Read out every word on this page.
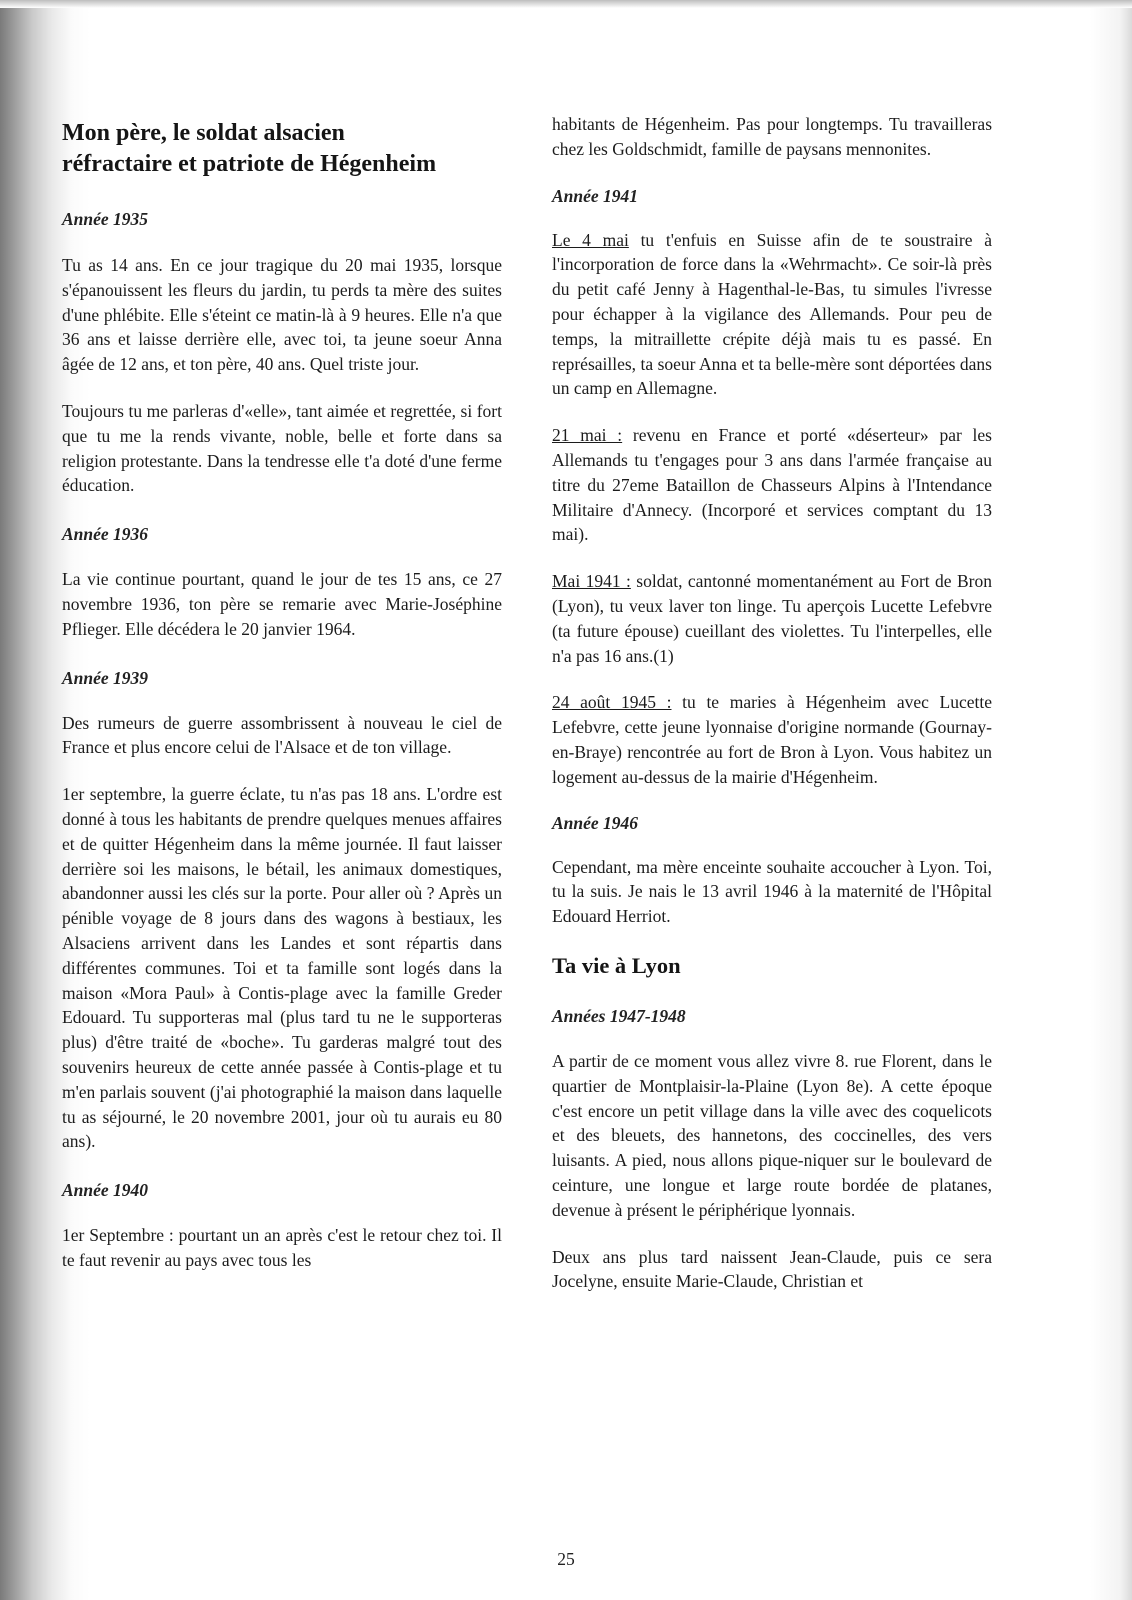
Mon père, le soldat alsacien
réfractaire et patriote de Hégenheim
Année 1935

Tu as 14 ans. En ce jour tragique du 20 mai 1935, lorsque s'épanouissent les fleurs du jardin, tu perds ta mère des suites d'une phlébite. Elle s'éteint ce matin-là à 9 heures. Elle n'a que 36 ans et laisse derrière elle, avec toi, ta jeune soeur Anna âgée de 12 ans, et ton père, 40 ans. Quel triste jour.

Toujours tu me parleras d'«elle», tant aimée et regrettée, si fort que tu me la rends vivante, noble, belle et forte dans sa religion protestante. Dans la tendresse elle t'a doté d'une ferme éducation.

Année 1936

La vie continue pourtant, quand le jour de tes 15 ans, ce 27 novembre 1936, ton père se remarie avec Marie-Joséphine Pflieger. Elle décédera le 20 janvier 1964.

Année 1939

Des rumeurs de guerre assombrissent à nouveau le ciel de France et plus encore celui de l'Alsace et de ton village.

1er septembre, la guerre éclate, tu n'as pas 18 ans. L'ordre est donné à tous les habitants de prendre quelques menues affaires et de quitter Hégenheim dans la même journée. Il faut laisser derrière soi les maisons, le bétail, les animaux domestiques, abandonner aussi les clés sur la porte. Pour aller où ? Après un pénible voyage de 8 jours dans des wagons à bestiaux, les Alsaciens arrivent dans les Landes et sont répartis dans différentes communes. Toi et ta famille sont logés dans la maison «Mora Paul» à Contis-plage avec la famille Greder Edouard. Tu supporteras mal (plus tard tu ne le supporteras plus) d'être traité de «boche». Tu garderas malgré tout des souvenirs heureux de cette année passée à Contis-plage et tu m'en parlais souvent (j'ai photographié la maison dans laquelle tu as séjourné, le 20 novembre 2001, jour où tu aurais eu 80 ans).

Année 1940

1er Septembre : pourtant un an après c'est le retour chez toi. Il te faut revenir au pays avec tous les

habitants de Hégenheim. Pas pour longtemps. Tu travailleras chez les Goldschmidt, famille de paysans mennonites.

Année 1941

Le 4 mai tu t'enfuis en Suisse afin de te soustraire à l'incorporation de force dans la «Wehrmacht». Ce soir-là près du petit café Jenny à Hagenthal-le-Bas, tu simules l'ivresse pour échapper à la vigilance des Allemands. Pour peu de temps, la mitraillette crépite déjà mais tu es passé. En représailles, ta soeur Anna et ta belle-mère sont déportées dans un camp en Allemagne.

21 mai : revenu en France et porté «déserteur» par les Allemands tu t'engages pour 3 ans dans l'armée française au titre du 27eme Bataillon de Chasseurs Alpins à l'Intendance Militaire d'Annecy. (Incorporé et services comptant du 13 mai).

Mai 1941 : soldat, cantonné momentanément au Fort de Bron (Lyon), tu veux laver ton linge. Tu aperçois Lucette Lefebvre (ta future épouse) cueillant des violettes. Tu l'interpelles, elle n'a pas 16 ans.(1)

24 août 1945 : tu te maries à Hégenheim avec Lucette Lefebvre, cette jeune lyonnaise d'origine normande (Gournay-en-Braye) rencontrée au fort de Bron à Lyon. Vous habitez un logement au-dessus de la mairie d'Hégenheim.

Année 1946

Cependant, ma mère enceinte souhaite accoucher à Lyon. Toi, tu la suis. Je nais le 13 avril 1946 à la maternité de l'Hôpital Edouard Herriot.

Ta vie à Lyon
Années 1947-1948

A partir de ce moment vous allez vivre 8. rue Florent, dans le quartier de Montplaisir-la-Plaine (Lyon 8e). A cette époque c'est encore un petit village dans la ville avec des coquelicots et des bleuets, des hannetons, des coccinelles, des vers luisants. A pied, nous allons pique-niquer sur le boulevard de ceinture, une longue et large route bordée de platanes, devenue à présent le périphérique lyonnais.

Deux ans plus tard naissent Jean-Claude, puis ce sera Jocelyne, ensuite Marie-Claude, Christian et

25
